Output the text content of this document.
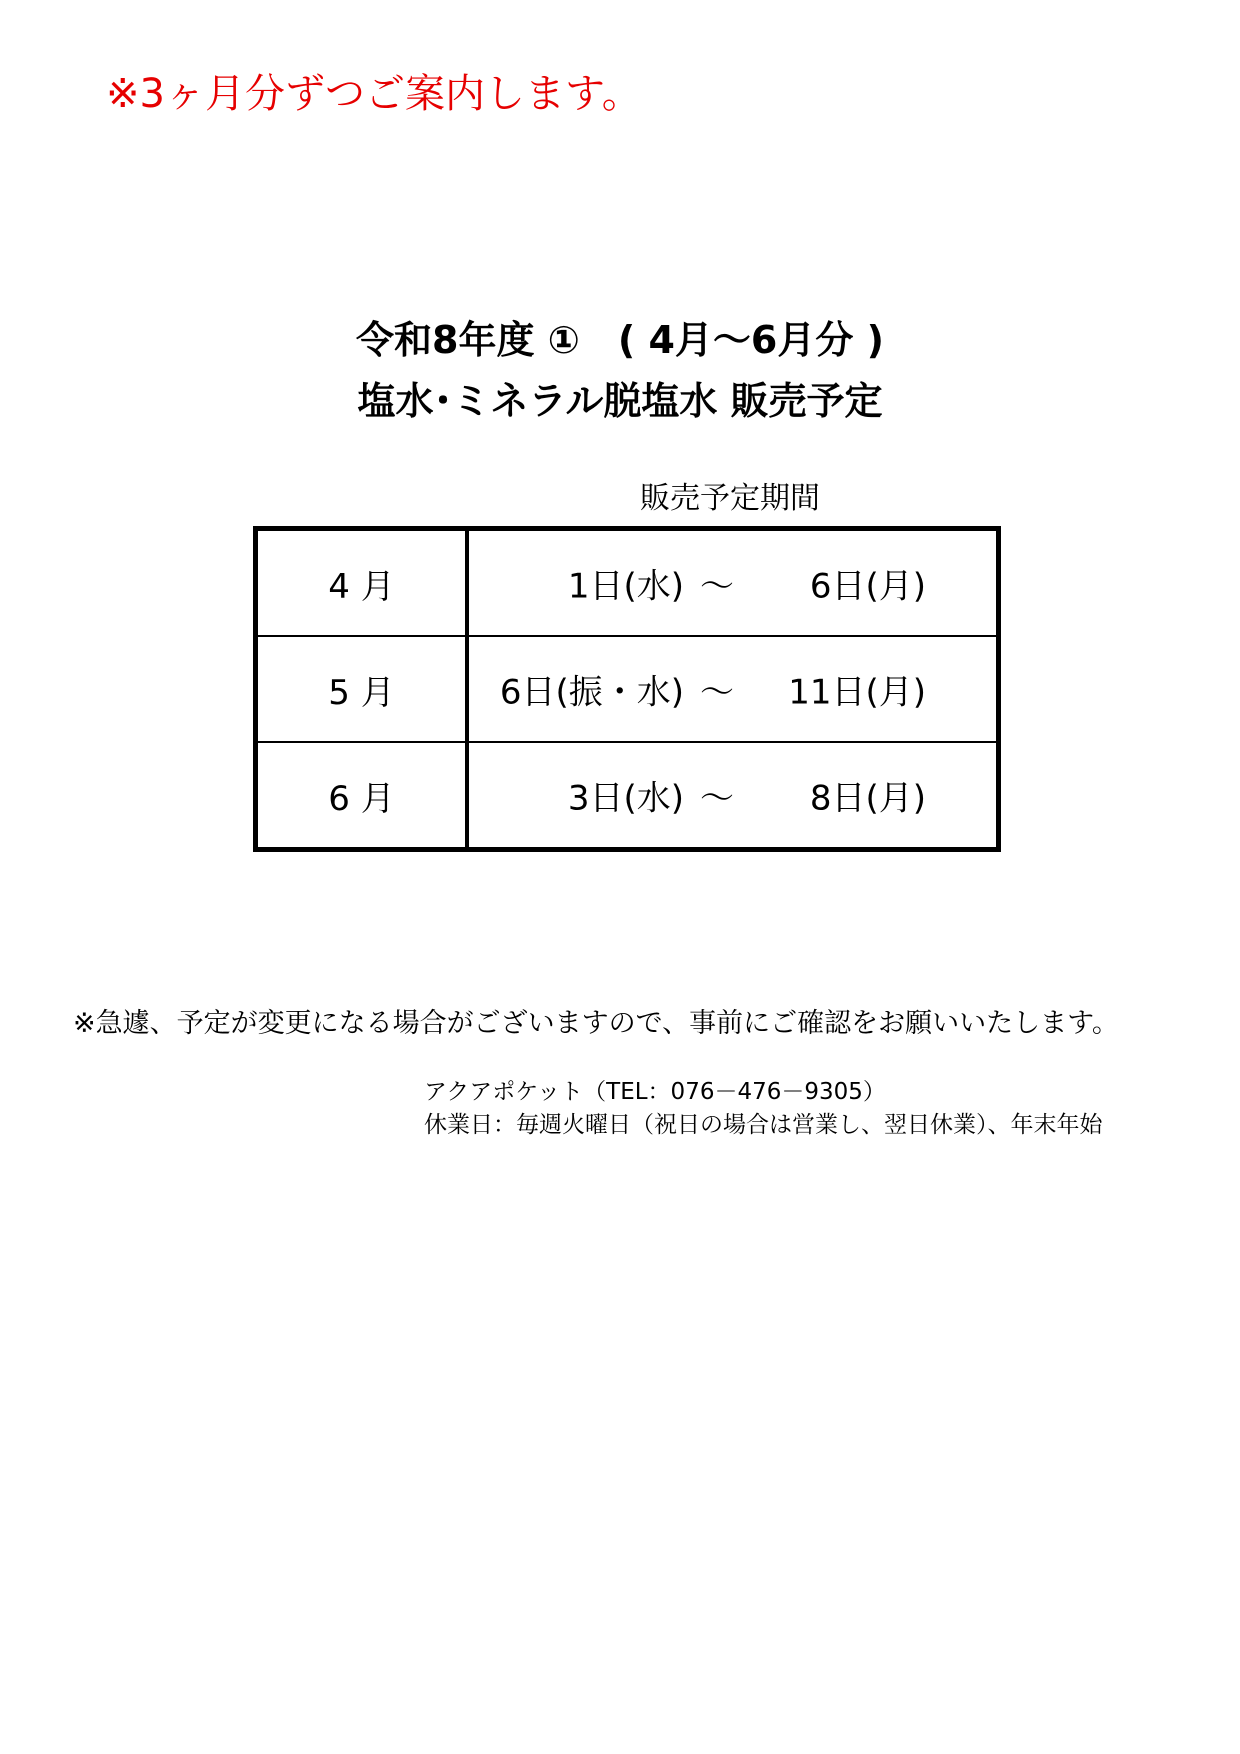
※3ヶ月分ずつご案内します。
令和8年度 ①　( 4月〜6月分 )
塩水･ミネラル脱塩水 販売予定
販売予定期間
4 月	1日(水) 〜 6日(月)

5 月	6日(振・水) 〜 11日(月)

6 月	3日(水) 〜 8日(月)
※急遽、予定が変更になる場合がございますので、事前にご確認をお願いいたします。
アクアポケット（TEL：076－476－9305）
休業日：毎週火曜日（祝日の場合は営業し、翌日休業）、年末年始
